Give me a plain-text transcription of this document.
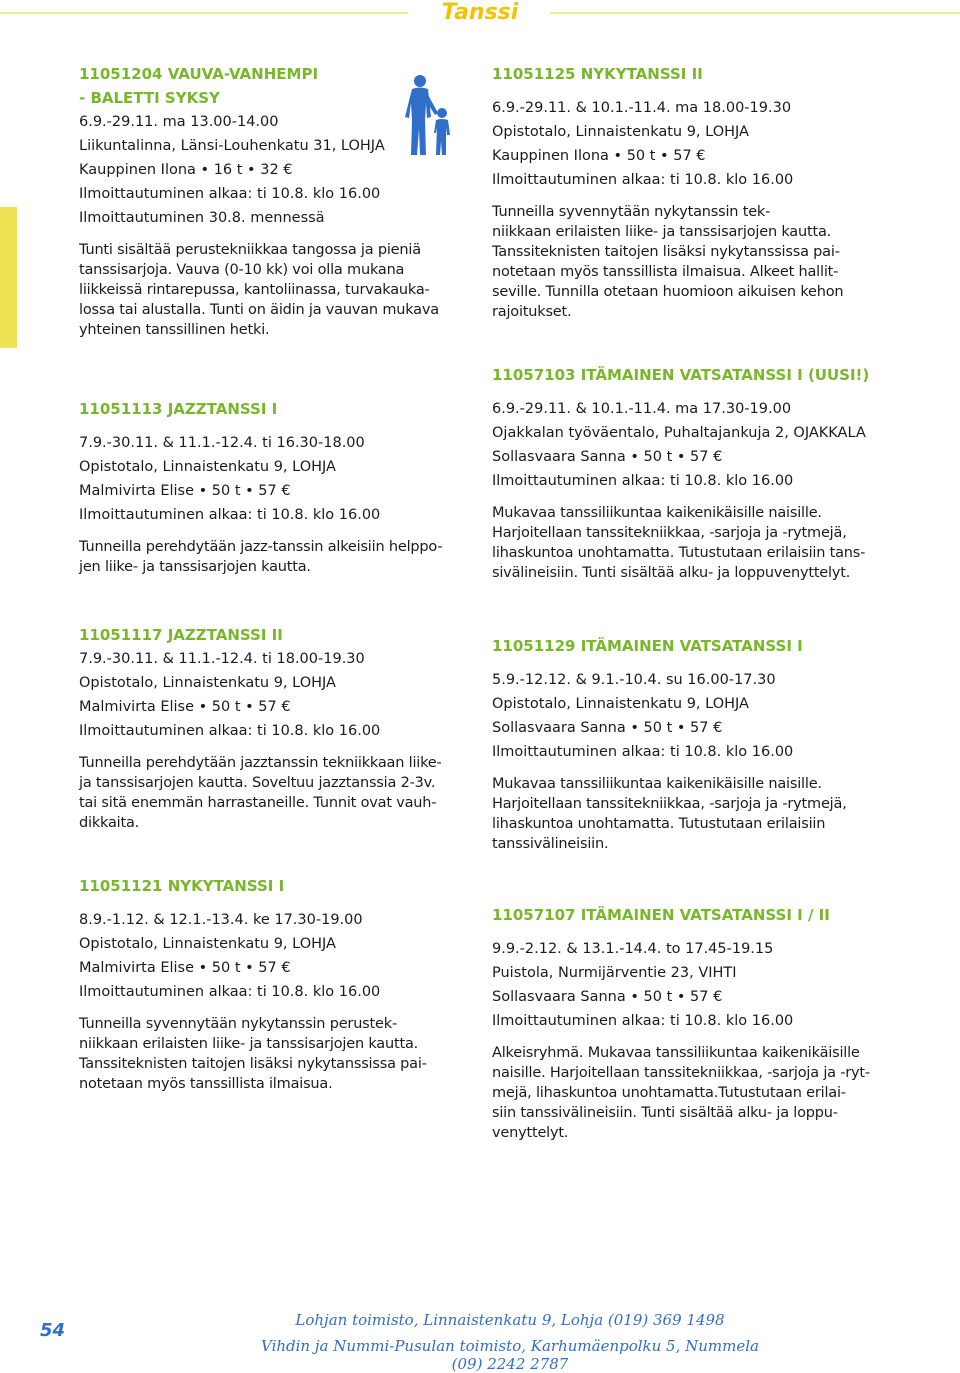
Tanssi

11051204 VAUVA-VANHEMPI

- BALETTI SYKSY

6.9.-29.11. ma 13.00-14.00

Liikuntalinna, Länsi-Louhenkatu 31, LOHJA

Kauppinen Ilona • 16 t • 32 €

Ilmoittautuminen alkaa: ti 10.8. klo 16.00

Ilmoittautuminen 30.8. mennessä

Tunti sisältää perustekniikkaa tangossa ja pieniä

tanssisarjoja. Vauva (0-10 kk) voi olla mukana

liikkeissä rintarepussa, kantoliinassa, turvakauka-

lossa tai alustalla. Tunti on äidin ja vauvan mukava

yhteinen tanssillinen hetki.

11051113 JAZZTANSSI I

7.9.-30.11. & 11.1.-12.4. ti 16.30-18.00

Opistotalo, Linnaistenkatu 9, LOHJA

Malmivirta Elise • 50 t • 57 €

Ilmoittautuminen alkaa: ti 10.8. klo 16.00

Tunneilla perehdytään jazz-tanssin alkeisiin helppo-

jen liike- ja tanssisarjojen kautta.

11051117 JAZZTANSSI II

7.9.-30.11. & 11.1.-12.4. ti 18.00-19.30

Opistotalo, Linnaistenkatu 9, LOHJA

Malmivirta Elise • 50 t • 57 €

Ilmoittautuminen alkaa: ti 10.8. klo 16.00

Tunneilla perehdytään jazztanssin tekniikkaan liike-

ja tanssisarjojen kautta. Soveltuu jazztanssia 2-3v.

tai sitä enemmän harrastaneille. Tunnit ovat vauh-

dikkaita.

11051121 NYKYTANSSI I

8.9.-1.12. & 12.1.-13.4. ke 17.30-19.00

Opistotalo, Linnaistenkatu 9, LOHJA

Malmivirta Elise • 50 t • 57 €

Ilmoittautuminen alkaa: ti 10.8. klo 16.00

Tunneilla syvennytään nykytanssin perustek-

niikkaan erilaisten liike- ja tanssisarjojen kautta.

Tanssiteknisten taitojen lisäksi nykytanssissa pai-

notetaan myös tanssillista ilmaisua.

11051125 NYKYTANSSI II

6.9.-29.11. & 10.1.-11.4. ma 18.00-19.30

Opistotalo, Linnaistenkatu 9, LOHJA

Kauppinen Ilona • 50 t • 57 €

Ilmoittautuminen alkaa: ti 10.8. klo 16.00

Tunneilla syvennytään nykytanssin tek-

niikkaan erilaisten liike- ja tanssisarjojen kautta.

Tanssiteknisten taitojen lisäksi nykytanssissa pai-

notetaan myös tanssillista ilmaisua. Alkeet hallit-

seville. Tunnilla otetaan huomioon aikuisen kehon

rajoitukset.

11057103 ITÄMAINEN VATSATANSSI I (UUSI!)

6.9.-29.11. & 10.1.-11.4. ma 17.30-19.00

Ojakkalan työväentalo, Puhaltajankuja 2, OJAKKALA

Sollasvaara Sanna • 50 t • 57 €

Ilmoittautuminen alkaa: ti 10.8. klo 16.00

Mukavaa tanssiliikuntaa kaikenikäisille naisille.

Harjoitellaan tanssitekniikkaa, -sarjoja ja -rytmejä,

lihaskuntoa unohtamatta. Tutustutaan erilaisiin tans-

sivälineisiin. Tunti sisältää alku- ja loppuvenyttelyt.

11051129 ITÄMAINEN VATSATANSSI I

5.9.-12.12. & 9.1.-10.4. su 16.00-17.30

Opistotalo, Linnaistenkatu 9, LOHJA

Sollasvaara Sanna • 50 t • 57 €

Ilmoittautuminen alkaa: ti 10.8. klo 16.00

Mukavaa tanssiliikuntaa kaikenikäisille naisille.

Harjoitellaan tanssitekniikkaa, -sarjoja ja -rytmejä,

lihaskuntoa unohtamatta. Tutustutaan erilaisiin

tanssivälineisiin.

11057107 ITÄMAINEN VATSATANSSI I / II

9.9.-2.12. & 13.1.-14.4. to 17.45-19.15

Puistola, Nurmijärventie 23, VIHTI

Sollasvaara Sanna • 50 t • 57 €

Ilmoittautuminen alkaa: ti 10.8. klo 16.00

Alkeisryhmä. Mukavaa tanssiliikuntaa kaikenikäisille

naisille. Harjoitellaan tanssitekniikkaa, -sarjoja ja -ryt-

mejä, lihaskuntoa unohtamatta.Tutustutaan erilai-

siin tanssivälineisiin. Tunti sisältää alku- ja loppu-

venyttelyt.

54	Lohjan toimisto, Linnaistenkatu 9, Lohja (019) 369 1498
Vihdin ja Nummi-Pusulan toimisto, Karhumäenpolku 5, Nummela (09) 2242 2787
